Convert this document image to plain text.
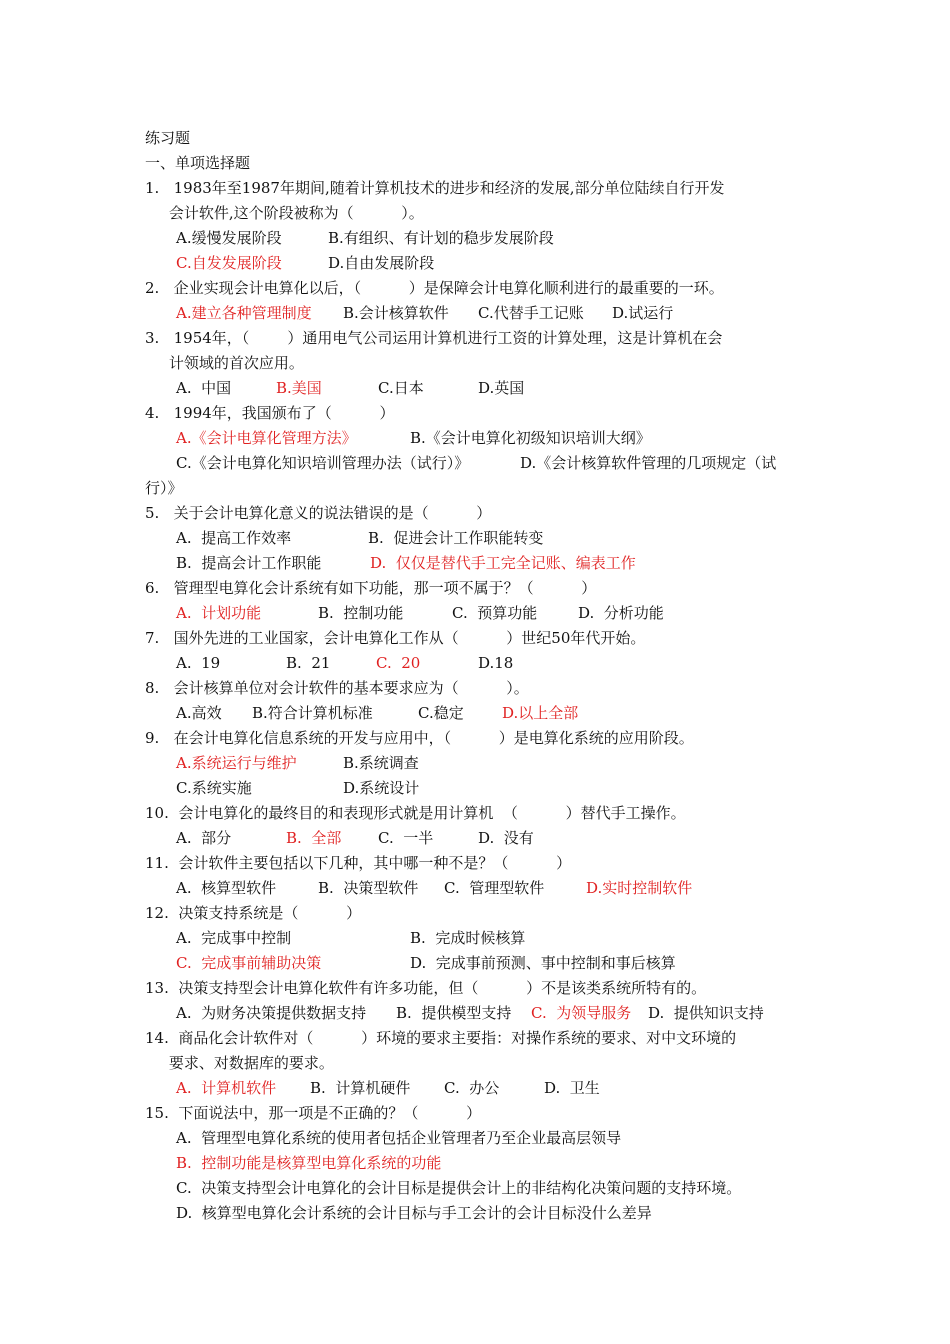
练习题
一、单项选择题
1.   1983年至1987年期间,随着计算机技术的进步和经济的发展,部分单位陆续自行开发
会计软件,这个阶段被称为（          ）。
A.缓慢发展阶段	B.有组织、有计划的稳步发展阶段
C.自发发展阶段	D.自由发展阶段
2.   企业实现会计电算化以后，（          ）是保障会计电算化顺利进行的最重要的一环。
A.建立各种管理制度 B.会计核算软件 C.代替手工记账 D.试运行
3.   1954年，（        ）通用电气公司运用计算机进行工资的计算处理，这是计算机在会
计领域的首次应用。
A.  中国	B.美国	C.日本	D.英国
4.   1994年，我国颁布了（          ）
A.《会计电算化管理方法》	B.《会计电算化初级知识培训大纲》
C.《会计电算化知识培训管理办法（试行）》	D.《会计核算软件管理的几项规定（试
行）》
5.   关于会计电算化意义的说法错误的是（          ）
A.  提高工作效率	B.  促进会计工作职能转变
B.  提高会计工作职能	D.  仅仅是替代手工完全记账、编表工作
6.   管理型电算化会计系统有如下功能，那一项不属于？（          ）
A.  计划功能	B.  控制功能	C.  预算功能	D.  分析功能
7.   国外先进的工业国家，会计电算化工作从（          ）世纪50年代开始。
A.  19	B.  21	C.  20	D.18
8.   会计核算单位对会计软件的基本要求应为（          ）。
A.高效 B.符合计算机标准	C.稳定	D.以上全部
9.   在会计电算化信息系统的开发与应用中，（          ）是电算化系统的应用阶段。
A.系统运行与维护	B.系统调查
C.系统实施	D.系统设计
10.  会计电算化的最终目的和表现形式就是用计算机  （          ）替代手工操作。
A.  部分	B.  全部 C.  一半	D.  没有
11.  会计软件主要包括以下几种，其中哪一种不是？（          ）
A.  核算型软件	B.  决策型软件 C.  管理型软件	D.实时控制软件
12.  决策支持系统是（          ）
A.  完成事中控制	B.  完成时候核算
C.  完成事前辅助决策	D.  完成事前预测、事中控制和事后核算
13.  决策支持型会计电算化软件有许多功能，但（          ）不是该类系统所特有的。
A.  为财务决策提供数据支持 B.  提供模型支持 C.  为领导服务 D.  提供知识支持
14.  商品化会计软件对（          ）环境的要求主要指：对操作系统的要求、对中文环境的
要求、对数据库的要求。
A.  计算机软件 B.  计算机硬件 C.  办公	D.  卫生
15.  下面说法中，那一项是不正确的？（          ）
A.  管理型电算化系统的使用者包括企业管理者乃至企业最高层领导
B.  控制功能是核算型电算化系统的功能
C.  决策支持型会计电算化的会计目标是提供会计上的非结构化决策问题的支持环境。
D.  核算型电算化会计系统的会计目标与手工会计的会计目标没什么差异
